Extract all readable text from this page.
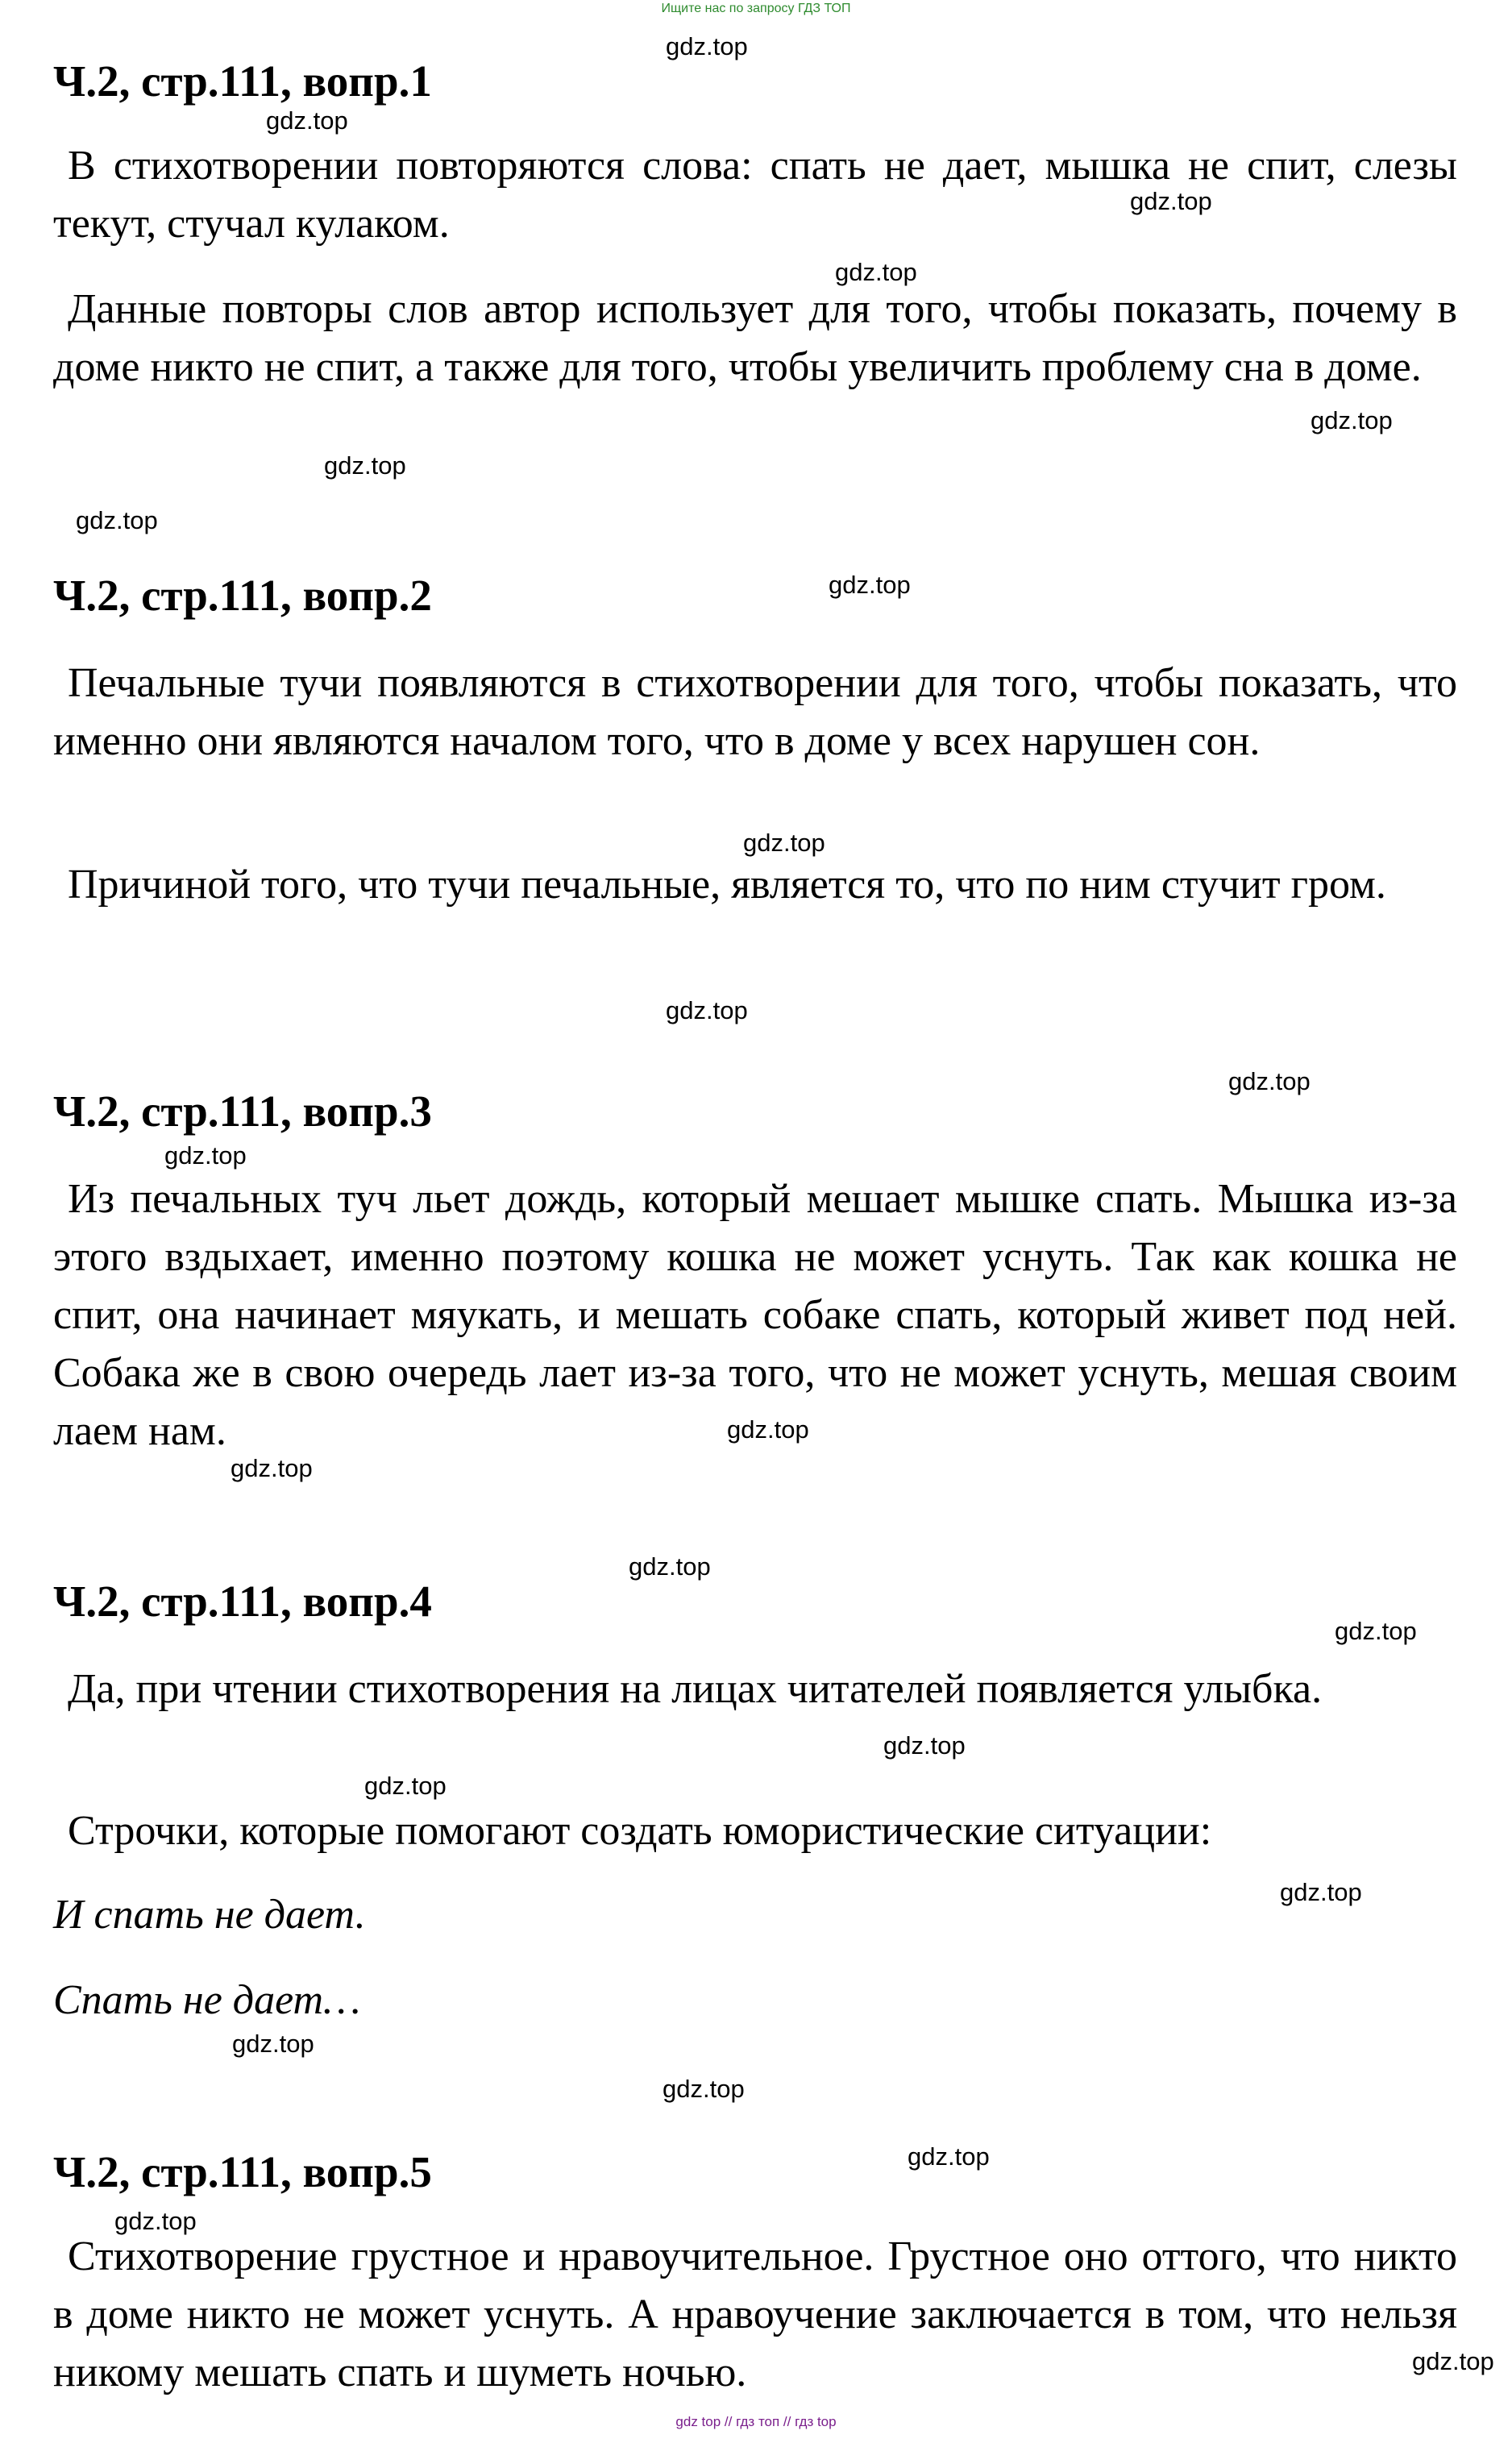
Ищите нас по запросу ГДЗ ТОП
Ч.2, стр.111, вопр.1
В стихотворении повторяются слова: спать не дает, мышка не спит, слезы текут, стучал кулаком.
Данные повторы слов автор использует для того, чтобы показать, почему в доме никто не спит, а также для того, чтобы увеличить проблему сна в доме.
Ч.2, стр.111, вопр.2
Печальные тучи появляются в стихотворении для того, чтобы показать, что именно они являются началом того, что в доме у всех нарушен сон.
Причиной того, что тучи печальные, является то, что по ним стучит гром.
Ч.2, стр.111, вопр.3
Из печальных туч льет дождь, который мешает мышке спать. Мышка из-за этого вздыхает, именно поэтому кошка не может уснуть. Так как кошка не спит, она начинает мяукать, и мешать собаке спать, который живет под ней. Собака же в свою очередь лает из-за того, что не может уснуть, мешая своим лаем нам.
Ч.2, стр.111, вопр.4
Да, при чтении стихотворения на лицах читателей появляется улыбка.
Строчки, которые помогают создать юмористические ситуации:
И спать не дает.
Спать не дает…
Ч.2, стр.111, вопр.5
Стихотворение грустное и нравоучительное. Грустное оно оттого, что никто в доме никто не может уснуть. А нравоучение заключается в том, что нельзя никому мешать спать и шуметь ночью.
gdz.top
gdz.top
gdz.top
gdz.top
gdz.top
gdz.top
gdz.top
gdz.top
gdz.top
gdz.top
gdz.top
gdz.top
gdz.top
gdz.top
gdz.top
gdz.top
gdz.top
gdz.top
gdz.top
gdz.top
gdz.top
gdz.top
gdz.top
gdz.top
gdz top // гдз топ // гдз top
